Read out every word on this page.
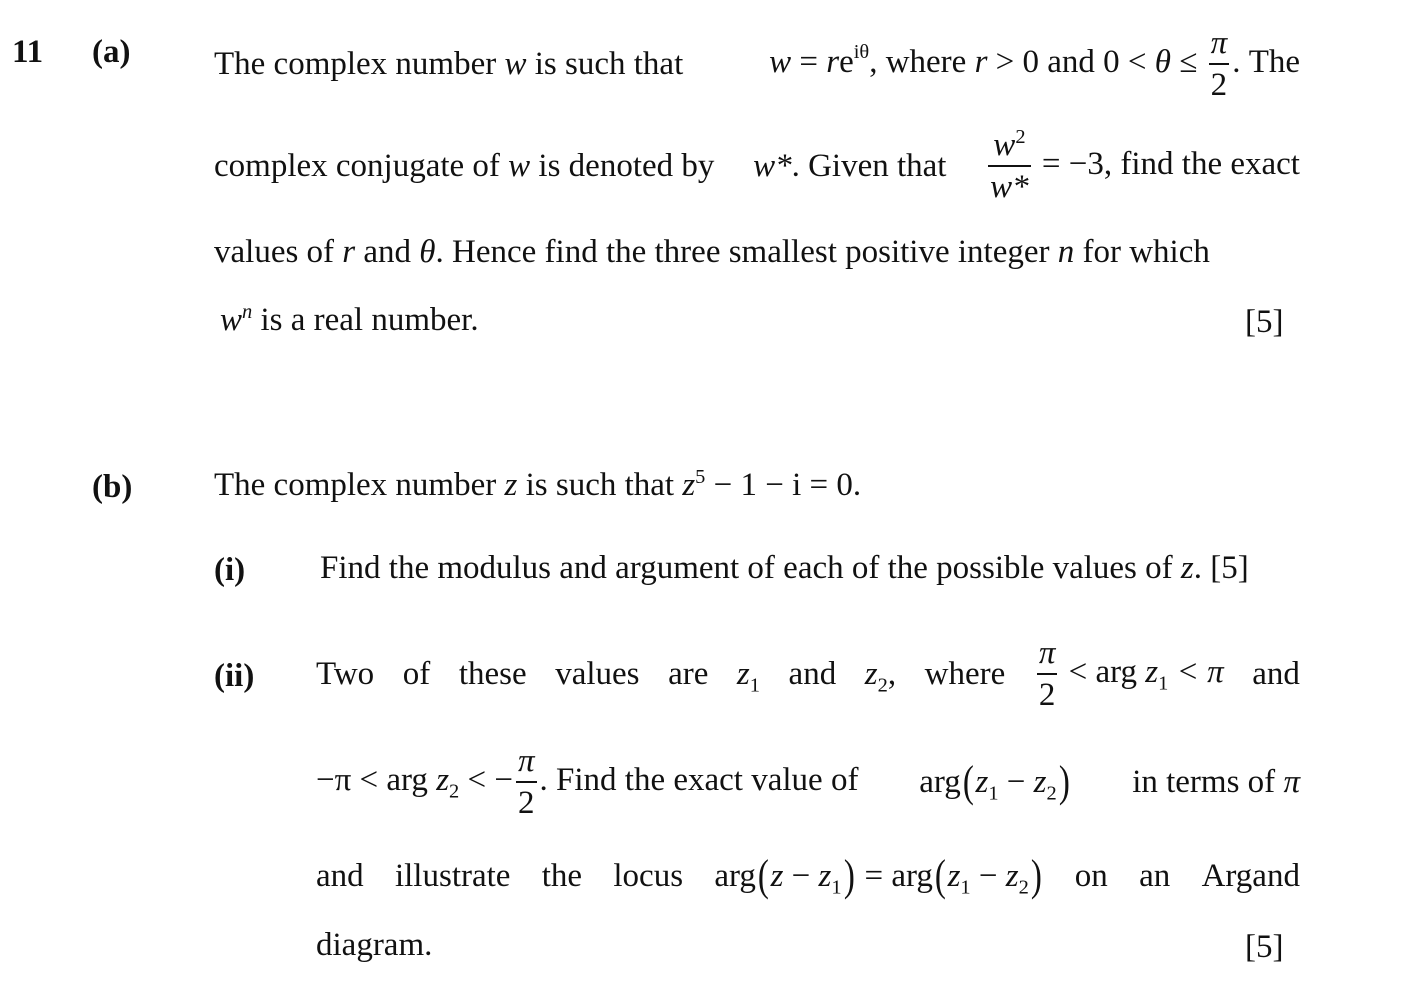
11 (a)	The complex number w is such that	$w = re^{i\theta}$, where r > 0 and $0 < \theta \le \frac{\pi}{2}$ . The
complex conjugate of w is denoted by w*. Given that $\frac{w^2}{w*} = -3$, find the exact
values of r and θ. Hence find the three smallest positive integer n for which
$w^n$ is a real number.	[5]
(b) The complex number z is such that $z^5 - 1 - i = 0$.
(i) Find the modulus and argument of each of the possible values of z. [5]
(ii) Two of these values are $z_1$ and $z_2$, where $\frac{\pi}{2}$ < arg $z_1 < \pi$ and
−π < arg $z_2$ < − $\frac{\pi}{2}$ . Find the exact value of $arg(z_1 - z_2)$ in terms of π
and illustrate the locus $arg(z - z_1) = arg(z_1 - z_2)$ on an Argand
diagram.	[5]
